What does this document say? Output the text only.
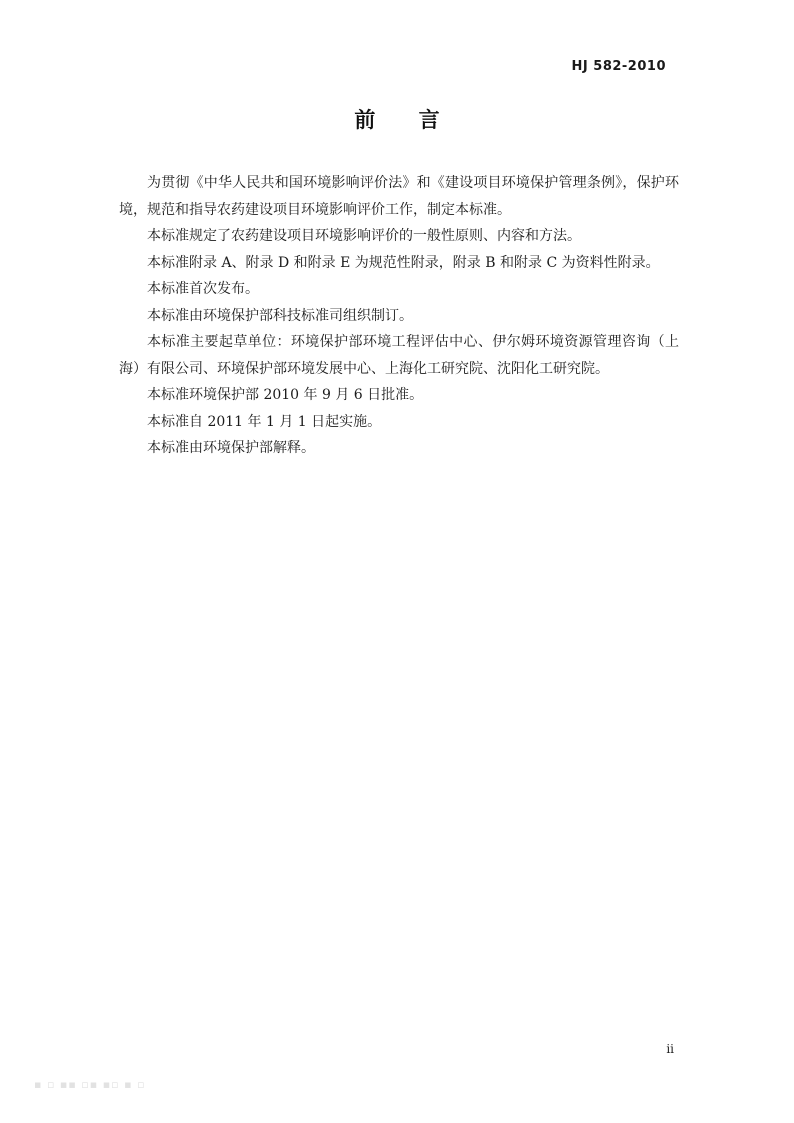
HJ 582-2010
前 言

为贯彻《中华人民共和国环境影响评价法》和《建设项目环境保护管理条例》，保护环境，规范和指导农药建设项目环境影响评价工作，制定本标准。

本标准规定了农药建设项目环境影响评价的一般性原则、内容和方法。

本标准附录 A、附录 D 和附录 E 为规范性附录，附录 B 和附录 C 为资料性附录。

本标准首次发布。

本标准由环境保护部科技标准司组织制订。

本标准主要起草单位：环境保护部环境工程评估中心、伊尔姆环境资源管理咨询（上海）有限公司、环境保护部环境发展中心、上海化工研究院、沈阳化工研究院。

本标准环境保护部 2010 年 9 月 6 日批准。

本标准自 2011 年 1 月 1 日起实施。

本标准由环境保护部解释。

ii
▪ ▫ ▪▪ ▫▪ ▪▫ ▪ ▫
